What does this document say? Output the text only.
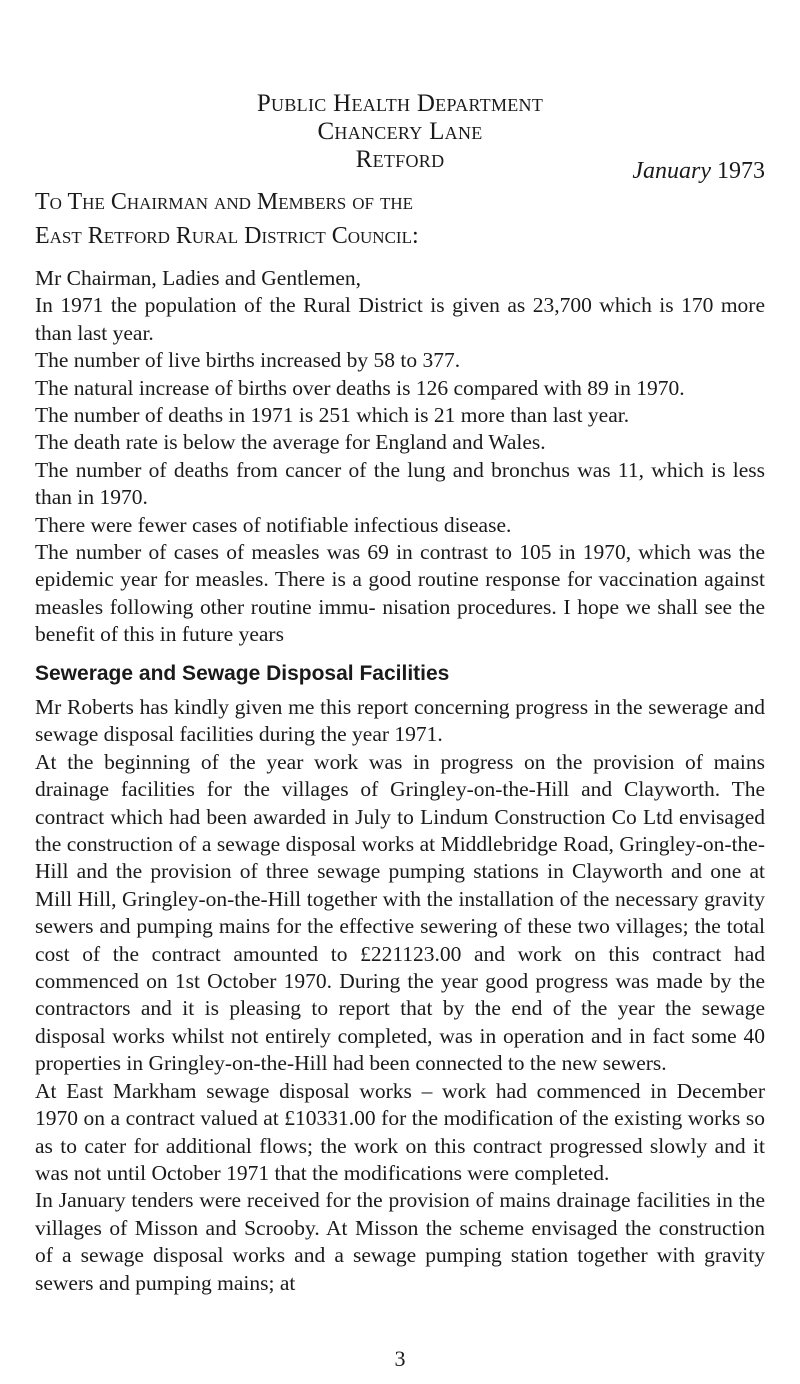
Public Health Department
Chancery Lane
Retford	January 1973
To The Chairman and Members of the
East Retford Rural District Council:

Mr Chairman, Ladies and Gentlemen,

In 1971 the population of the Rural District is given as 23,700 which is 170 more than last year.

The number of live births increased by 58 to 377.

The natural increase of births over deaths is 126 compared with 89 in 1970.

The number of deaths in 1971 is 251 which is 21 more than last year.

The death rate is below the average for England and Wales.

The number of deaths from cancer of the lung and bronchus was 11, which is less than in 1970.

There were fewer cases of notifiable infectious disease.

The number of cases of measles was 69 in contrast to 105 in 1970, which was the epidemic year for measles. There is a good routine response for vaccination against measles following other routine immu- nisation procedures. I hope we shall see the benefit of this in future years

Sewerage and Sewage Disposal Facilities

Mr Roberts has kindly given me this report concerning progress in the sewerage and sewage disposal facilities during the year 1971.

At the beginning of the year work was in progress on the provision of mains drainage facilities for the villages of Gringley-on-the-Hill and Clayworth. The contract which had been awarded in July to Lindum Construction Co Ltd envisaged the construction of a sewage disposal works at Middlebridge Road, Gringley-on-the-Hill and the provision of three sewage pumping stations in Clayworth and one at Mill Hill, Gringley-on-the-Hill together with the installation of the necessary gravity sewers and pumping mains for the effective sewering of these two villages; the total cost of the contract amounted to £221123.00 and work on this contract had commenced on 1st October 1970. During the year good progress was made by the contractors and it is pleasing to report that by the end of the year the sewage disposal works whilst not entirely completed, was in operation and in fact some 40 properties in Gringley-on-the-Hill had been connected to the new sewers.

At East Markham sewage disposal works – work had commenced in December 1970 on a contract valued at £10331.00 for the modification of the existing works so as to cater for additional flows; the work on this contract progressed slowly and it was not until October 1971 that the modifications were completed.

In January tenders were received for the provision of mains drainage facilities in the villages of Misson and Scrooby. At Misson the scheme envisaged the construction of a sewage disposal works and a sewage pumping station together with gravity sewers and pumping mains; at

3
